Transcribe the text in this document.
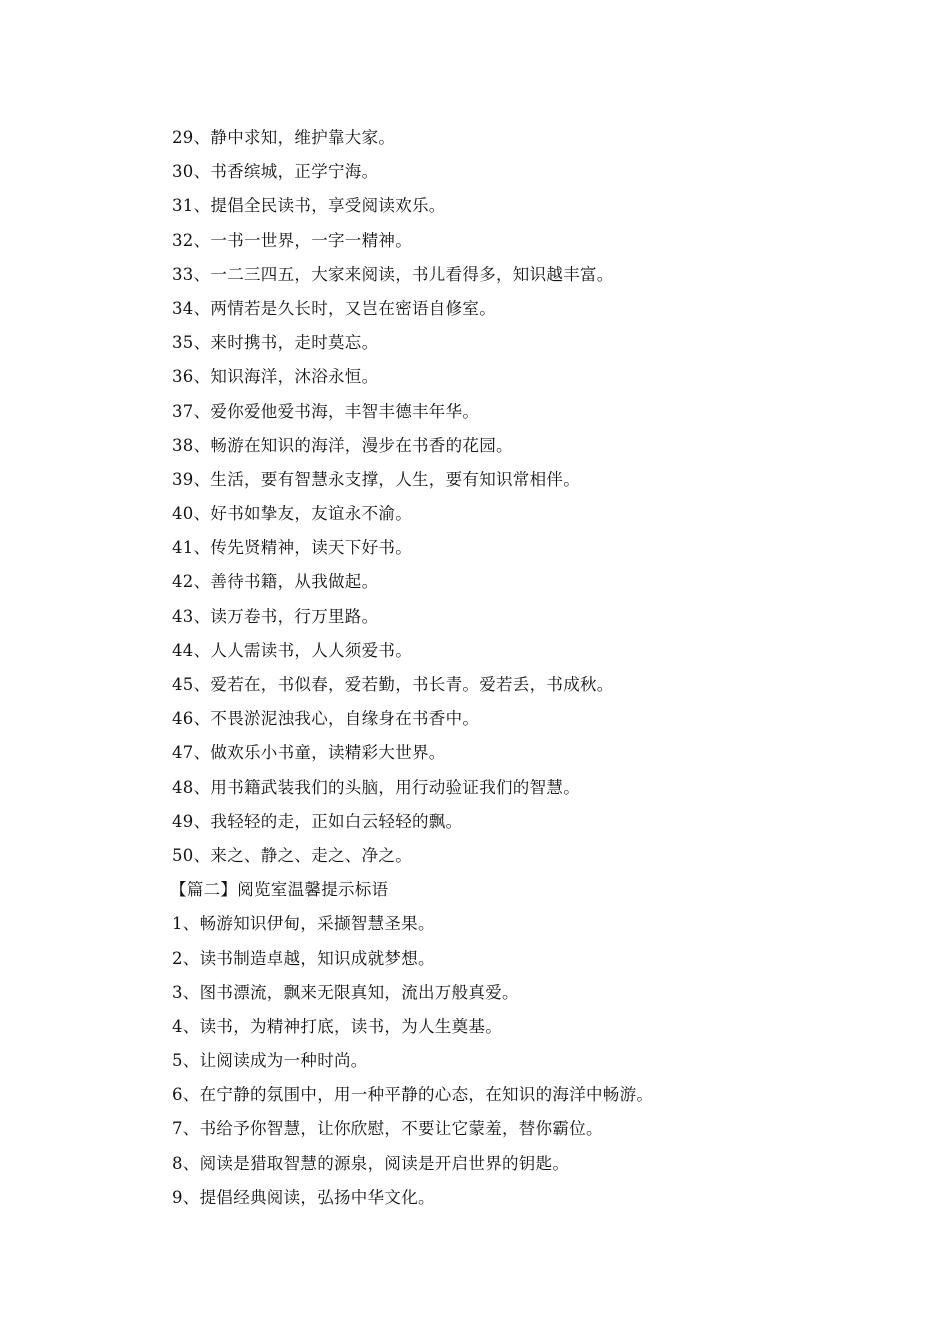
29、静中求知，维护靠大家。
30、书香缤城，正学宁海。
31、提倡全民读书，享受阅读欢乐。
32、一书一世界，一字一精神。
33、一二三四五，大家来阅读，书儿看得多，知识越丰富。
34、两情若是久长时，又岂在密语自修室。
35、来时携书，走时莫忘。
36、知识海洋，沐浴永恒。
37、爱你爱他爱书海，丰智丰德丰年华。
38、畅游在知识的海洋，漫步在书香的花园。
39、生活，要有智慧永支撑，人生，要有知识常相伴。
40、好书如挚友，友谊永不渝。
41、传先贤精神，读天下好书。
42、善待书籍，从我做起。
43、读万卷书，行万里路。
44、人人需读书，人人须爱书。
45、爱若在，书似春，爱若勤，书长青。爱若丢，书成秋。
46、不畏淤泥浊我心，自缘身在书香中。
47、做欢乐小书童，读精彩大世界。
48、用书籍武装我们的头脑，用行动验证我们的智慧。
49、我轻轻的走，正如白云轻轻的飘。
50、来之、静之、走之、净之。
【篇二】阅览室温馨提示标语
1、畅游知识伊甸，采撷智慧圣果。
2、读书制造卓越，知识成就梦想。
3、图书漂流，飘来无限真知，流出万般真爱。
4、读书，为精神打底，读书，为人生奠基。
5、让阅读成为一种时尚。
6、在宁静的氛围中，用一种平静的心态，在知识的海洋中畅游。
7、书给予你智慧，让你欣慰，不要让它蒙羞，替你霸位。
8、阅读是猎取智慧的源泉，阅读是开启世界的钥匙。
9、提倡经典阅读，弘扬中华文化。
